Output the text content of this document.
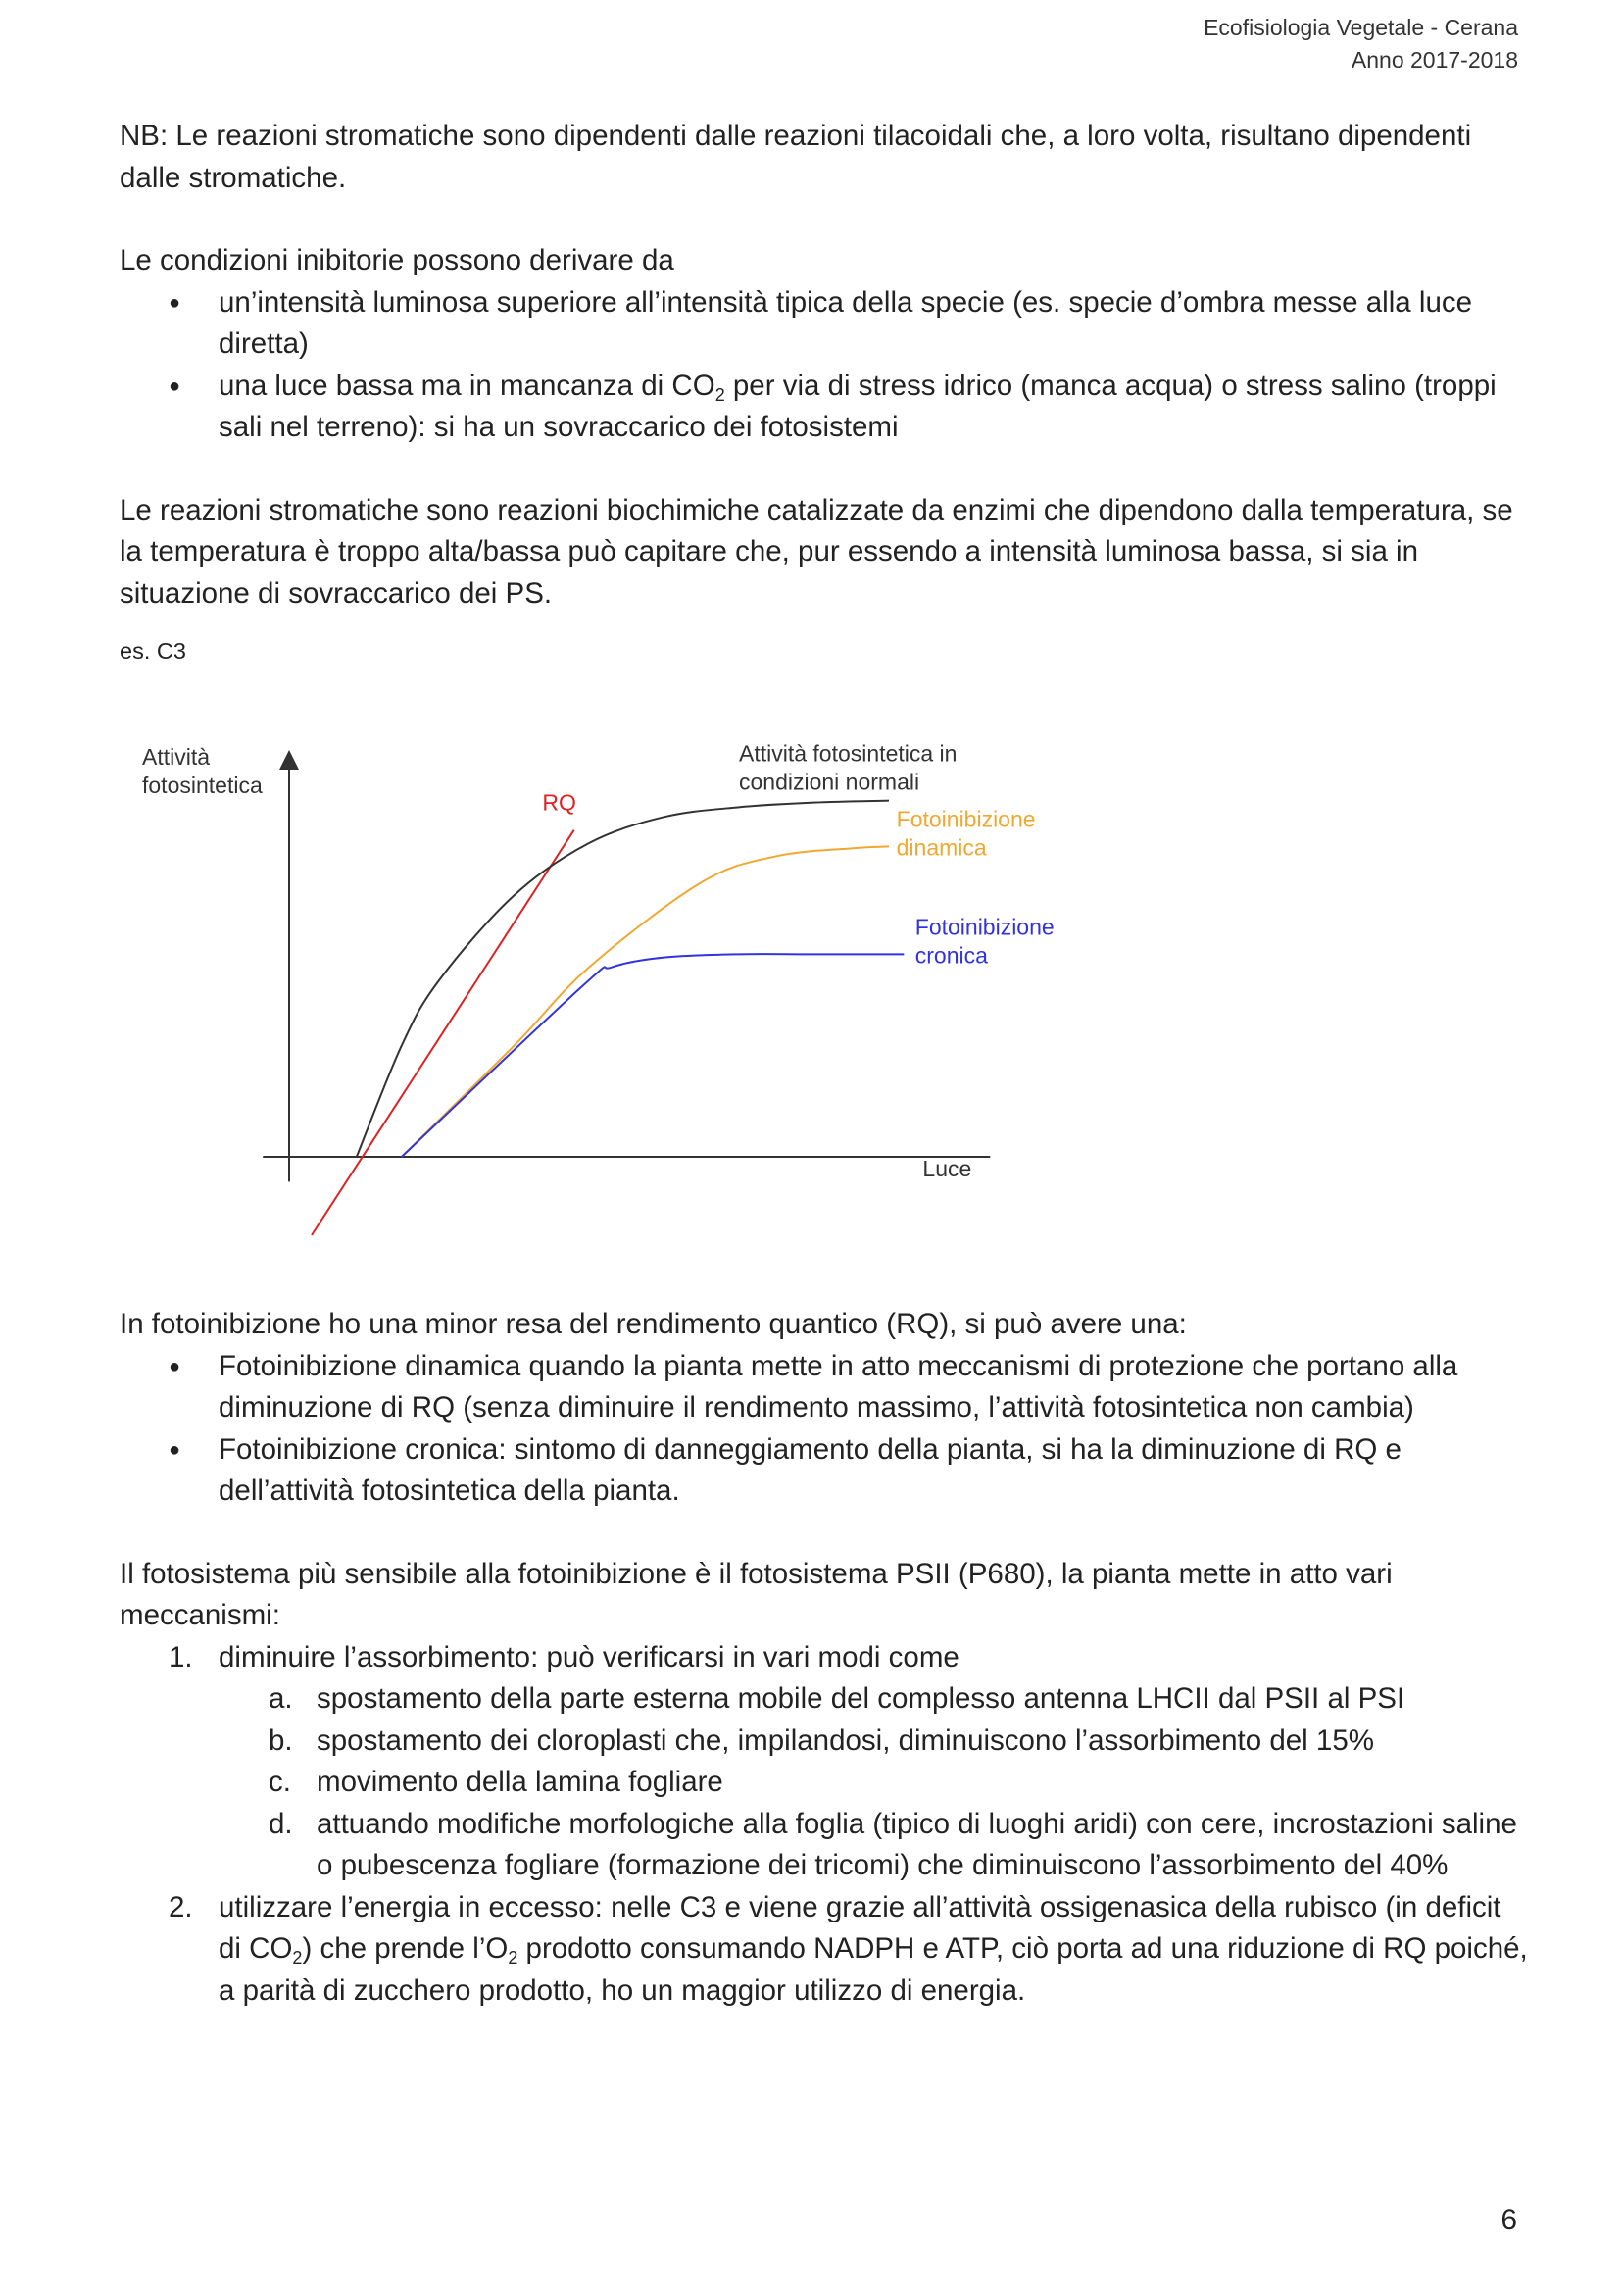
Ecofisiologia Vegetale - Cerana
Anno 2017-2018

NB: Le reazioni stromatiche sono dipendenti dalle reazioni tilacoidali che, a loro volta, risultano dipendenti dalle stromatiche.

Le condizioni inibitorie possono derivare da

● un’intensità luminosa superiore all’intensità tipica della specie (es. specie d’ombra messe alla luce diretta)
● una luce bassa ma in mancanza di $CO_2$ per via di stress idrico (manca acqua) o stress salino (troppi sali nel terreno): si ha un sovraccarico dei fotosistemi

Le reazioni stromatiche sono reazioni biochimiche catalizzate da enzimi che dipendono dalla temperatura, se la temperatura è troppo alta/bassa può capitare che, pur essendo a intensità luminosa bassa, si sia in situazione di sovraccarico dei PS.

es. C3

Attività
fotosintetica
Luce
RQ
Attività fotosintetica in
condizioni normali
Fotoinibizione
dinamica
Fotoinibizione
cronica

In fotoinibizione ho una minor resa del rendimento quantico (RQ), si può avere una:

● Fotoinibizione dinamica quando la pianta mette in atto meccanismi di protezione che portano alla diminuzione di RQ (senza diminuire il rendimento massimo, l’attività fotosintetica non cambia)
● Fotoinibizione cronica: sintomo di danneggiamento della pianta, si ha la diminuzione di RQ e dell’attività fotosintetica della pianta.

Il fotosistema più sensibile alla fotoinibizione è il fotosistema PSII (P680), la pianta mette in atto vari meccanismi:

1. diminuire l’assorbimento: può verificarsi in vari modi come
a. spostamento della parte esterna mobile del complesso antenna LHCII dal PSII al PSI
b. spostamento dei cloroplasti che, impilandosi, diminuiscono l’assorbimento del 15%
c. movimento della lamina fogliare
d. attuando modifiche morfologiche alla foglia (tipico di luoghi aridi) con cere, incrostazioni saline o pubescenza fogliare (formazione dei tricomi) che diminuiscono l’assorbimento del 40%
2. utilizzare l’energia in eccesso: nelle C3 e viene grazie all’attività ossigenasica della rubisco (in deficit di $CO_2$) che prende $l’O_2$ prodotto consumando NADPH e ATP, ciò porta ad una riduzione di RQ poiché, a parità di zucchero prodotto, ho un maggior utilizzo di energia.
6
